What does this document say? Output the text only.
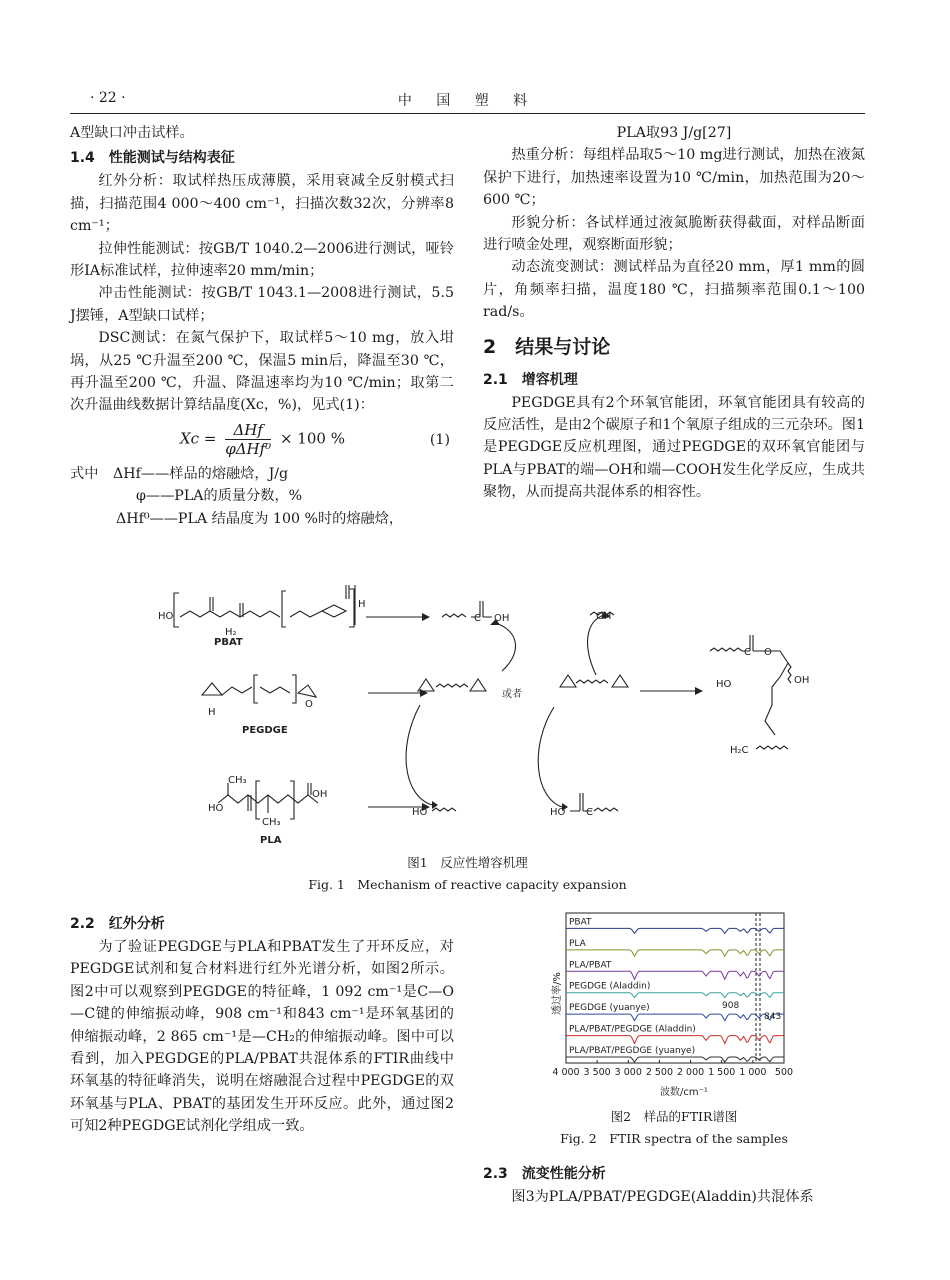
· 22 ·	中 国 塑 料

A型缺口冲击试样。

1.4　性能测试与结构表征

红外分析：取试样热压成薄膜，采用衰减全反射模式扫描，扫描范围4 000～400 cm⁻¹，扫描次数32次，分辨率8 cm⁻¹；

拉伸性能测试：按GB/T 1040.2—2006进行测试，哑铃形IA标准试样，拉伸速率20 mm/min；

冲击性能测试：按GB/T 1043.1—2008进行测试，5.5 J摆锤，A型缺口试样；

DSC测试：在氮气保护下，取试样5～10 mg，放入坩埚，从25 ℃升温至200 ℃，保温5 min后，降温至30 ℃，再升温至200 ℃，升温、降温速率均为10 ℃/min；取第二次升温曲线数据计算结晶度(Xc，%)，见式(1)：

$Xc = \frac{\text{ΔHf}}{\text{φΔHf⁰}} \times 100$ %	(1)
式中 ΔHf——样品的熔融焓，J/g
φ——PLA的质量分数，%
ΔHf⁰——PLA 结晶度为 100 %时的熔融焓，

PLA取93 J/g[27]

热重分析：每组样品取5～10 mg进行测试，加热在液氮保护下进行，加热速率设置为10 ℃/min，加热范围为20～600 ℃；

形貌分析：各试样通过液氮脆断获得截面，对样品断面进行喷金处理，观察断面形貌；

动态流变测试：测试样品为直径20 mm，厚1 mm的圆片，角频率扫描，温度180 ℃，扫描频率范围0.1～100 rad/s。

2　结果与讨论
2.1　增容机理

PEGDGE具有2个环氧官能团，环氧官能团具有较高的反应活性，是由2个碳原子和1个氧原子组成的三元杂环。图1是PEGDGE反应机理图，通过PEGDGE的双环氧官能团与PLA与PBAT的端—OH和端—COOH发生化学反应，生成共聚物，从而提高共混体系的相容性。

HO
H
PBAT
H₂
H
PEGDGE
O
CH₃
CH₃
HO
OH
PLA
C OH	OH
或者
HO	HO C
O
C
HO	OH
H₂C
图1　反应性增容机理
Fig. 1　Mechanism of reactive capacity expansion
2.2　红外分析

为了验证PEGDGE与PLA和PBAT发生了开环反应，对PEGDGE试剂和复合材料进行红外光谱分析，如图2所示。图2中可以观察到PEGDGE的特征峰，1 092 cm⁻¹是C—O—C键的伸缩振动峰，908 cm⁻¹和843 cm⁻¹是环氧基团的伸缩振动峰，2 865 cm⁻¹是—CH₂的伸缩振动峰。图中可以看到，加入PEGDGE的PLA/PBAT共混体系的FTIR曲线中环氧基的特征峰消失，说明在熔融混合过程中PEGDGE的双环氧基与PLA、PBAT的基团发生开环反应。此外，通过图2可知2种PEGDGE试剂化学组成一致。

PBAT
PLA
PLA/PBAT
PEGDGE (Aladdin)
PEGDGE (yuanye)
PLA/PBAT/PEGDGE (Aladdin)
PLA/PBAT/PEGDGE (yuanye)
4 000 3 500 3 000 2 500 2 000 1 500 1 000 500
908
843
透过率/%
波数/cm⁻¹
图2　样品的FTIR谱图
Fig. 2　FTIR spectra of the samples
2.3　流变性能分析

图3为PLA/PBAT/PEGDGE(Aladdin)共混体系
